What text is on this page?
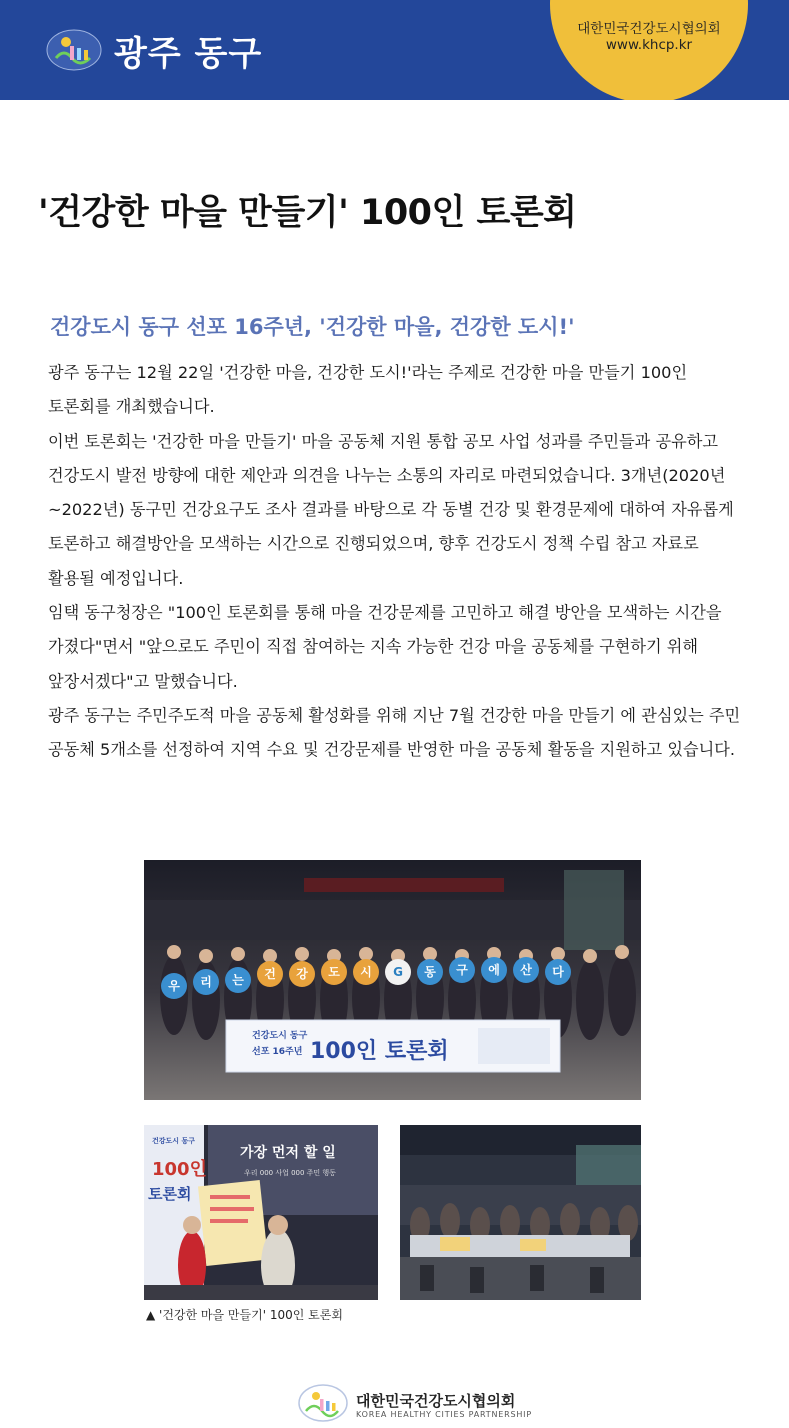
광주 동구
대한민국건강도시협의회
www.khcp.kr
'건강한 마을 만들기' 100인 토론회
건강도시 동구 선포 16주년, '건강한 마을, 건강한 도시!'

광주 동구는 12월 22일 '건강한 마을, 건강한 도시!'라는 주제로 건강한 마을 만들기 100인 토론회를 개최했습니다.

이번 토론회는 '건강한 마을 만들기' 마을 공동체 지원 통합 공모 사업 성과를 주민들과 공유하고 건강도시 발전 방향에 대한 제안과 의견을 나누는 소통의 자리로 마련되었습니다. 3개년(2020년~2022년) 동구민 건강요구도 조사 결과를 바탕으로 각 동별 건강 및 환경문제에 대하여 자유롭게 토론하고 해결방안을 모색하는 시간으로 진행되었으며, 향후 건강도시 정책 수립 참고 자료로 활용될 예정입니다.

임택 동구청장은 "100인 토론회를 통해 마을 건강문제를 고민하고 해결 방안을 모색하는 시간을 가졌다"면서 "앞으로도 주민이 직접 참여하는 지속 가능한 건강 마을 공동체를 구현하기 위해 앞장서겠다"고 말했습니다.

광주 동구는 주민주도적 마을 공동체 활성화를 위해 지난 7월 건강한 마을 만들기 에 관심있는 주민 공동체 5개소를 선정하여 지역 수요 및 건강문제를 반영한 마을 공동체 활동을 지원하고 있습니다.

우 리 는 건 강 도 시 G 동 구 에 산 다
건강도시 동구
선포 16주년 100인 토론회
건강도시 동구
100인
토론회
가장 먼저 할 일
우리 000 사업 000 주민 행동
▲ '건강한 마을 만들기' 100인 토론회
대한민국건강도시협의회
KOREA HEALTHY CITIES PARTNERSHIP
